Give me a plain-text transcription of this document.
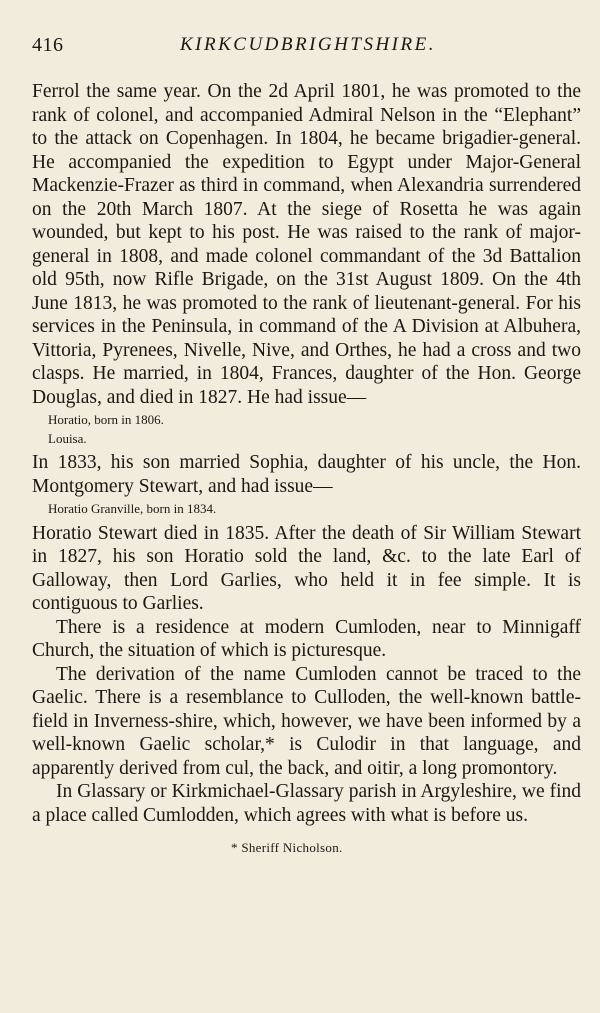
416	KIRKCUDBRIGHTSHIRE.

Ferrol the same year. On the 2d April 1801, he was promoted to the rank of colonel, and accompanied Admiral Nelson in the “Elephant” to the attack on Copenhagen. In 1804, he became brigadier-general. He accompanied the expedition to Egypt under Major-General Mackenzie-Frazer as third in command, when Alexandria surrendered on the 20th March 1807. At the siege of Rosetta he was again wounded, but kept to his post. He was raised to the rank of major-general in 1808, and made colonel commandant of the 3d Battalion old 95th, now Rifle Brigade, on the 31st August 1809. On the 4th June 1813, he was promoted to the rank of lieutenant-general. For his services in the Peninsula, in command of the A Division at Albuhera, Vittoria, Pyrenees, Nivelle, Nive, and Orthes, he had a cross and two clasps. He married, in 1804, Frances, daughter of the Hon. George Douglas, and died in 1827. He had issue—

Horatio, born in 1806.
Louisa.

In 1833, his son married Sophia, daughter of his uncle, the Hon. Montgomery Stewart, and had issue—

Horatio Granville, born in 1834.

Horatio Stewart died in 1835. After the death of Sir William Stewart in 1827, his son Horatio sold the land, &c. to the late Earl of Galloway, then Lord Garlies, who held it in fee simple. It is contiguous to Garlies.

There is a residence at modern Cumloden, near to Minnigaff Church, the situation of which is picturesque.

The derivation of the name Cumloden cannot be traced to the Gaelic. There is a resemblance to Culloden, the well-known battle-field in Inverness-shire, which, however, we have been informed by a well-known Gaelic scholar,* is Culodir in that language, and apparently derived from cul, the back, and oitir, a long promontory.

In Glassary or Kirkmichael-Glassary parish in Argyleshire, we find a place called Cumlodden, which agrees with what is before us.

* Sheriff Nicholson.
